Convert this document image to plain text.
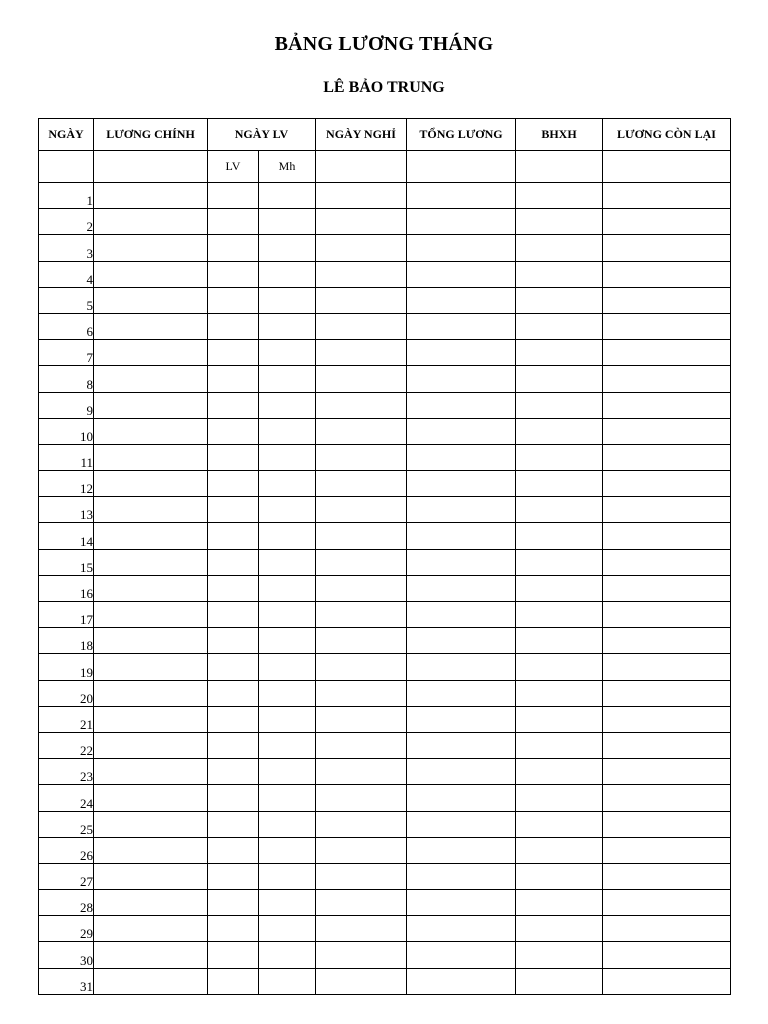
BẢNG LƯƠNG THÁNG
LÊ BẢO TRUNG
NGÀY	LƯƠNG CHÍNH	NGÀY LV		NGÀY NGHỈ	TỔNG LƯƠNG	BHXH	LƯƠNG CÒN LẠI
		LV	Mh				
1							
2							
3							
4							
5							
6							
7							
8							
9							
10							
11							
12							
13							
14							
15							
16							
17							
18							
19							
20							
21							
22							
23							
24							
25							
26							
27							
28							
29							
30							
31							
